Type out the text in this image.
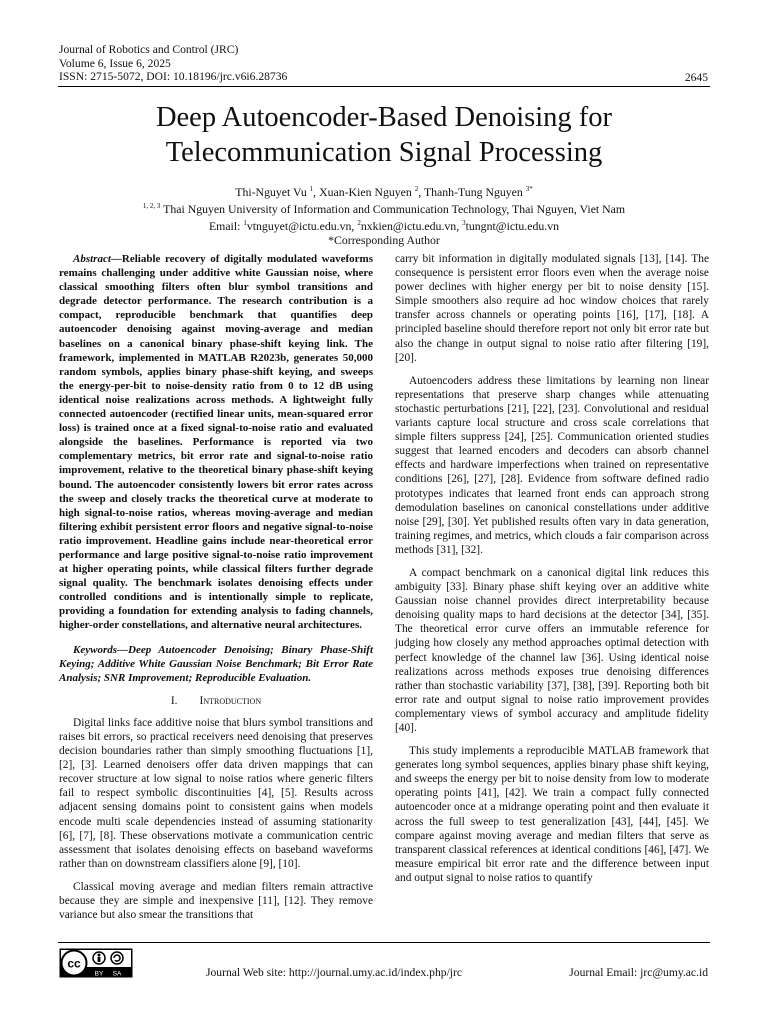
Journal of Robotics and Control (JRC)
Volume 6, Issue 6, 2025
ISSN: 2715-5072, DOI: 10.18196/jrc.v6i6.28736	2645
Deep Autoencoder-Based Denoising for
Telecommunication Signal Processing
Thi-Nguyet Vu $^1$, Xuan-Kien Nguyen $^2$, Thanh-Tung Nguyen $^{3*}$
$^{1, 2, 3}$ Thai Nguyen University of Information and Communication Technology, Thai Nguyen, Viet Nam
Email: $^1$vtnguyet@ictu.edu.vn, $^2$nxkien@ictu.edu.vn, $^3$tungnt@ictu.edu.vn
*Corresponding Author

Abstract—Reliable recovery of digitally modulated waveforms remains challenging under additive white Gaussian noise, where classical smoothing filters often blur symbol transitions and degrade detector performance. The research contribution is a compact, reproducible benchmark that quantifies deep autoencoder denoising against moving-average and median baselines on a canonical binary phase-shift keying link. The framework, implemented in MATLAB R2023b, generates 50,000 random symbols, applies binary phase-shift keying, and sweeps the energy-per-bit to noise-density ratio from 0 to 12 dB using identical noise realizations across methods. A lightweight fully connected autoencoder (rectified linear units, mean-squared error loss) is trained once at a fixed signal-to-noise ratio and evaluated alongside the baselines. Performance is reported via two complementary metrics, bit error rate and signal-to-noise ratio improvement, relative to the theoretical binary phase-shift keying bound. The autoencoder consistently lowers bit error rates across the sweep and closely tracks the theoretical curve at moderate to high signal-to-noise ratios, whereas moving-average and median filtering exhibit persistent error floors and negative signal-to-noise ratio improvement. Headline gains include near-theoretical error performance and large positive signal-to-noise ratio improvement at higher operating points, while classical filters further degrade signal quality. The benchmark isolates denoising effects under controlled conditions and is intentionally simple to replicate, providing a foundation for extending analysis to fading channels, higher-order constellations, and alternative neural architectures.

Keywords—Deep Autoencoder Denoising; Binary Phase-Shift Keying; Additive White Gaussian Noise Benchmark; Bit Error Rate Analysis; SNR Improvement; Reproducible Evaluation.

I. Introduction

Digital links face additive noise that blurs symbol transitions and raises bit errors, so practical receivers need denoising that preserves decision boundaries rather than simply smoothing fluctuations [1], [2], [3]. Learned denoisers offer data driven mappings that can recover structure at low signal to noise ratios where generic filters fail to respect symbolic discontinuities [4], [5]. Results across adjacent sensing domains point to consistent gains when models encode multi scale dependencies instead of assuming stationarity [6], [7], [8]. These observations motivate a communication centric assessment that isolates denoising effects on baseband waveforms rather than on downstream classifiers alone [9], [10].

Classical moving average and median filters remain attractive because they are simple and inexpensive [11], [12]. They remove variance but also smear the transitions that

carry bit information in digitally modulated signals [13], [14]. The consequence is persistent error floors even when the average noise power declines with higher energy per bit to noise density [15]. Simple smoothers also require ad hoc window choices that rarely transfer across channels or operating points [16], [17], [18]. A principled baseline should therefore report not only bit error rate but also the change in output signal to noise ratio after filtering [19], [20].

Autoencoders address these limitations by learning non linear representations that preserve sharp changes while attenuating stochastic perturbations [21], [22], [23]. Convolutional and residual variants capture local structure and cross scale correlations that simple filters suppress [24], [25]. Communication oriented studies suggest that learned encoders and decoders can absorb channel effects and hardware imperfections when trained on representative conditions [26], [27], [28]. Evidence from software defined radio prototypes indicates that learned front ends can approach strong demodulation baselines on canonical constellations under additive noise [29], [30]. Yet published results often vary in data generation, training regimes, and metrics, which clouds a fair comparison across methods [31], [32].

A compact benchmark on a canonical digital link reduces this ambiguity [33]. Binary phase shift keying over an additive white Gaussian noise channel provides direct interpretability because denoising quality maps to hard decisions at the detector [34], [35]. The theoretical error curve offers an immutable reference for judging how closely any method approaches optimal detection with perfect knowledge of the channel law [36]. Using identical noise realizations across methods exposes true denoising differences rather than stochastic variability [37], [38], [39]. Reporting both bit error rate and output signal to noise ratio improvement provides complementary views of symbol accuracy and amplitude fidelity [40].

This study implements a reproducible MATLAB framework that generates long symbol sequences, applies binary phase shift keying, and sweeps the energy per bit to noise density from low to moderate operating points [41], [42]. We train a compact fully connected autoencoder once at a midrange operating point and then evaluate it across the full sweep to test generalization [43], [44], [45]. We compare against moving average and median filters that serve as transparent classical references at identical conditions [46], [47]. We measure empirical bit error rate and the difference between input and output signal to noise ratios to quantify

cc
BY SA	Journal Web site: http://journal.umy.ac.id/index.php/jrc	Journal Email: jrc@umy.ac.id
